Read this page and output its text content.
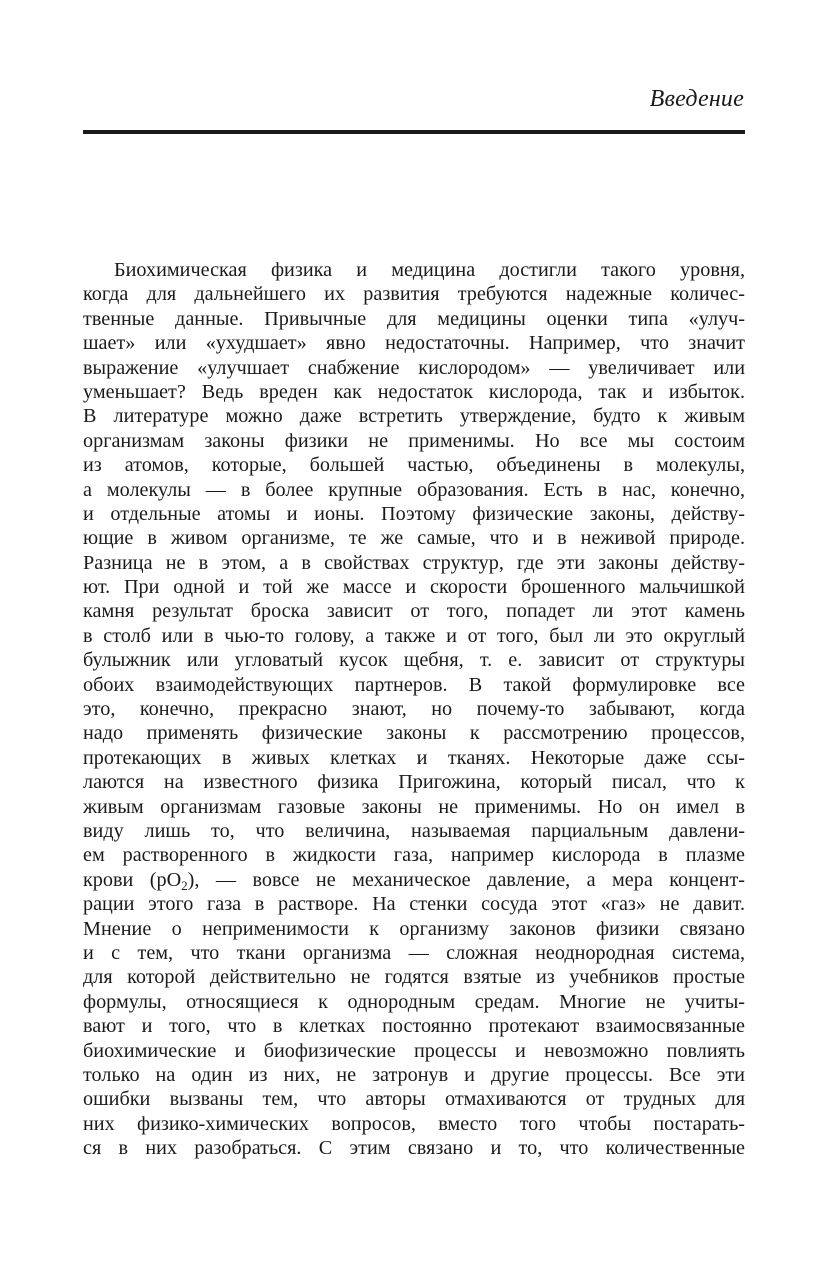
Введение
Биохимическая физика и медицина достигли такого уровня,
когда для дальнейшего их развития требуются надежные количес-
твенные данные. Привычные для медицины оценки типа «улуч-
шает» или «ухудшает» явно недостаточны. Например, что значит
выражение «улучшает снабжение кислородом» — увеличивает или
уменьшает? Ведь вреден как недостаток кислорода, так и избыток.
В литературе можно даже встретить утверждение, будто к живым
организмам законы физики не применимы. Но все мы состоим
из атомов, которые, большей частью, объединены в молекулы,
а молекулы — в более крупные образования. Есть в нас, конечно,
и отдельные атомы и ионы. Поэтому физические законы, действу-
ющие в живом организме, те же самые, что и в неживой природе.
Разница не в этом, а в свойствах структур, где эти законы действу-
ют. При одной и той же массе и скорости брошенного мальчишкой
камня результат броска зависит от того, попадет ли этот камень
в столб или в чью-то голову, а также и от того, был ли это округлый
булыжник или угловатый кусок щебня, т. е. зависит от структуры
обоих взаимодействующих партнеров. В такой формулировке все
это, конечно, прекрасно знают, но почему-то забывают, когда
надо применять физические законы к рассмотрению процессов,
протекающих в живых клетках и тканях. Некоторые даже ссы-
лаются на известного физика Пригожина, который писал, что к
живым организмам газовые законы не применимы. Но он имел в
виду лишь то, что величина, называемая парциальным давлени-
ем растворенного в жидкости газа, например кислорода в плазме
крови $(pO_2)$, — вовсе не механическое давление, а мера концент-
рации этого газа в растворе. На стенки сосуда этот «газ» не давит.
Мнение о неприменимости к организму законов физики связано
и с тем, что ткани организма — сложная неоднородная система,
для которой действительно не годятся взятые из учебников простые
формулы, относящиеся к однородным средам. Многие не учиты-
вают и того, что в клетках постоянно протекают взаимосвязанные
биохимические и биофизические процессы и невозможно повлиять
только на один из них, не затронув и другие процессы. Все эти
ошибки вызваны тем, что авторы отмахиваются от трудных для
них физико-химических вопросов, вместо того чтобы постарать-
ся в них разобраться. С этим связано и то, что количественные
